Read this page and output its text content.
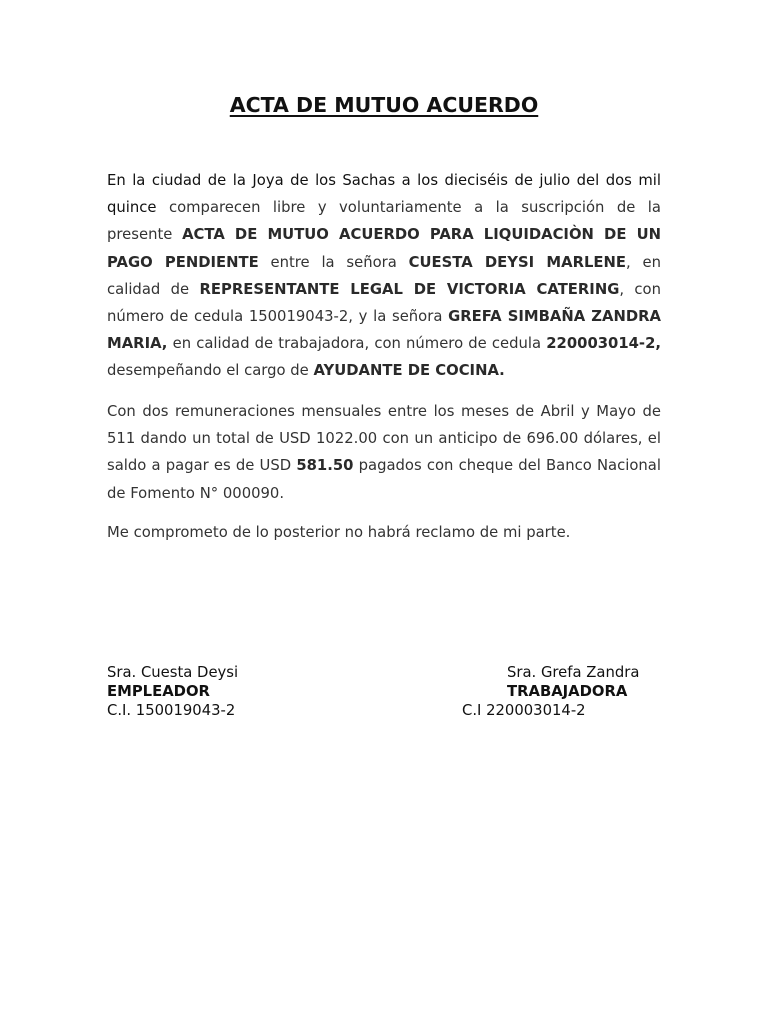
ACTA DE MUTUO ACUERDO

En la ciudad de la Joya de los Sachas a los dieciséis de julio del dos mil quince comparecen libre y voluntariamente a la suscripción de la presente ACTA DE MUTUO ACUERDO PARA LIQUIDACIÒN DE UN PAGO PENDIENTE entre la señora CUESTA DEYSI MARLENE, en calidad de REPRESENTANTE LEGAL DE VICTORIA CATERING, con número de cedula 150019043-2, y la señora GREFA SIMBAÑA ZANDRA MARIA, en calidad de trabajadora, con número de cedula 220003014-2, desempeñando el cargo de AYUDANTE DE COCINA.

Con dos remuneraciones mensuales entre los meses de Abril y Mayo de 511 dando un total de USD 1022.00 con un anticipo de 696.00 dólares, el saldo a pagar es de USD 581.50 pagados con cheque del Banco Nacional de Fomento N° 000090.

Me comprometo de lo posterior no habrá reclamo de mi parte.

Sra. Cuesta Deysi
EMPLEADOR
C.I. 150019043-2
Sra. Grefa Zandra
TRABAJADORA
C.I 220003014-2
